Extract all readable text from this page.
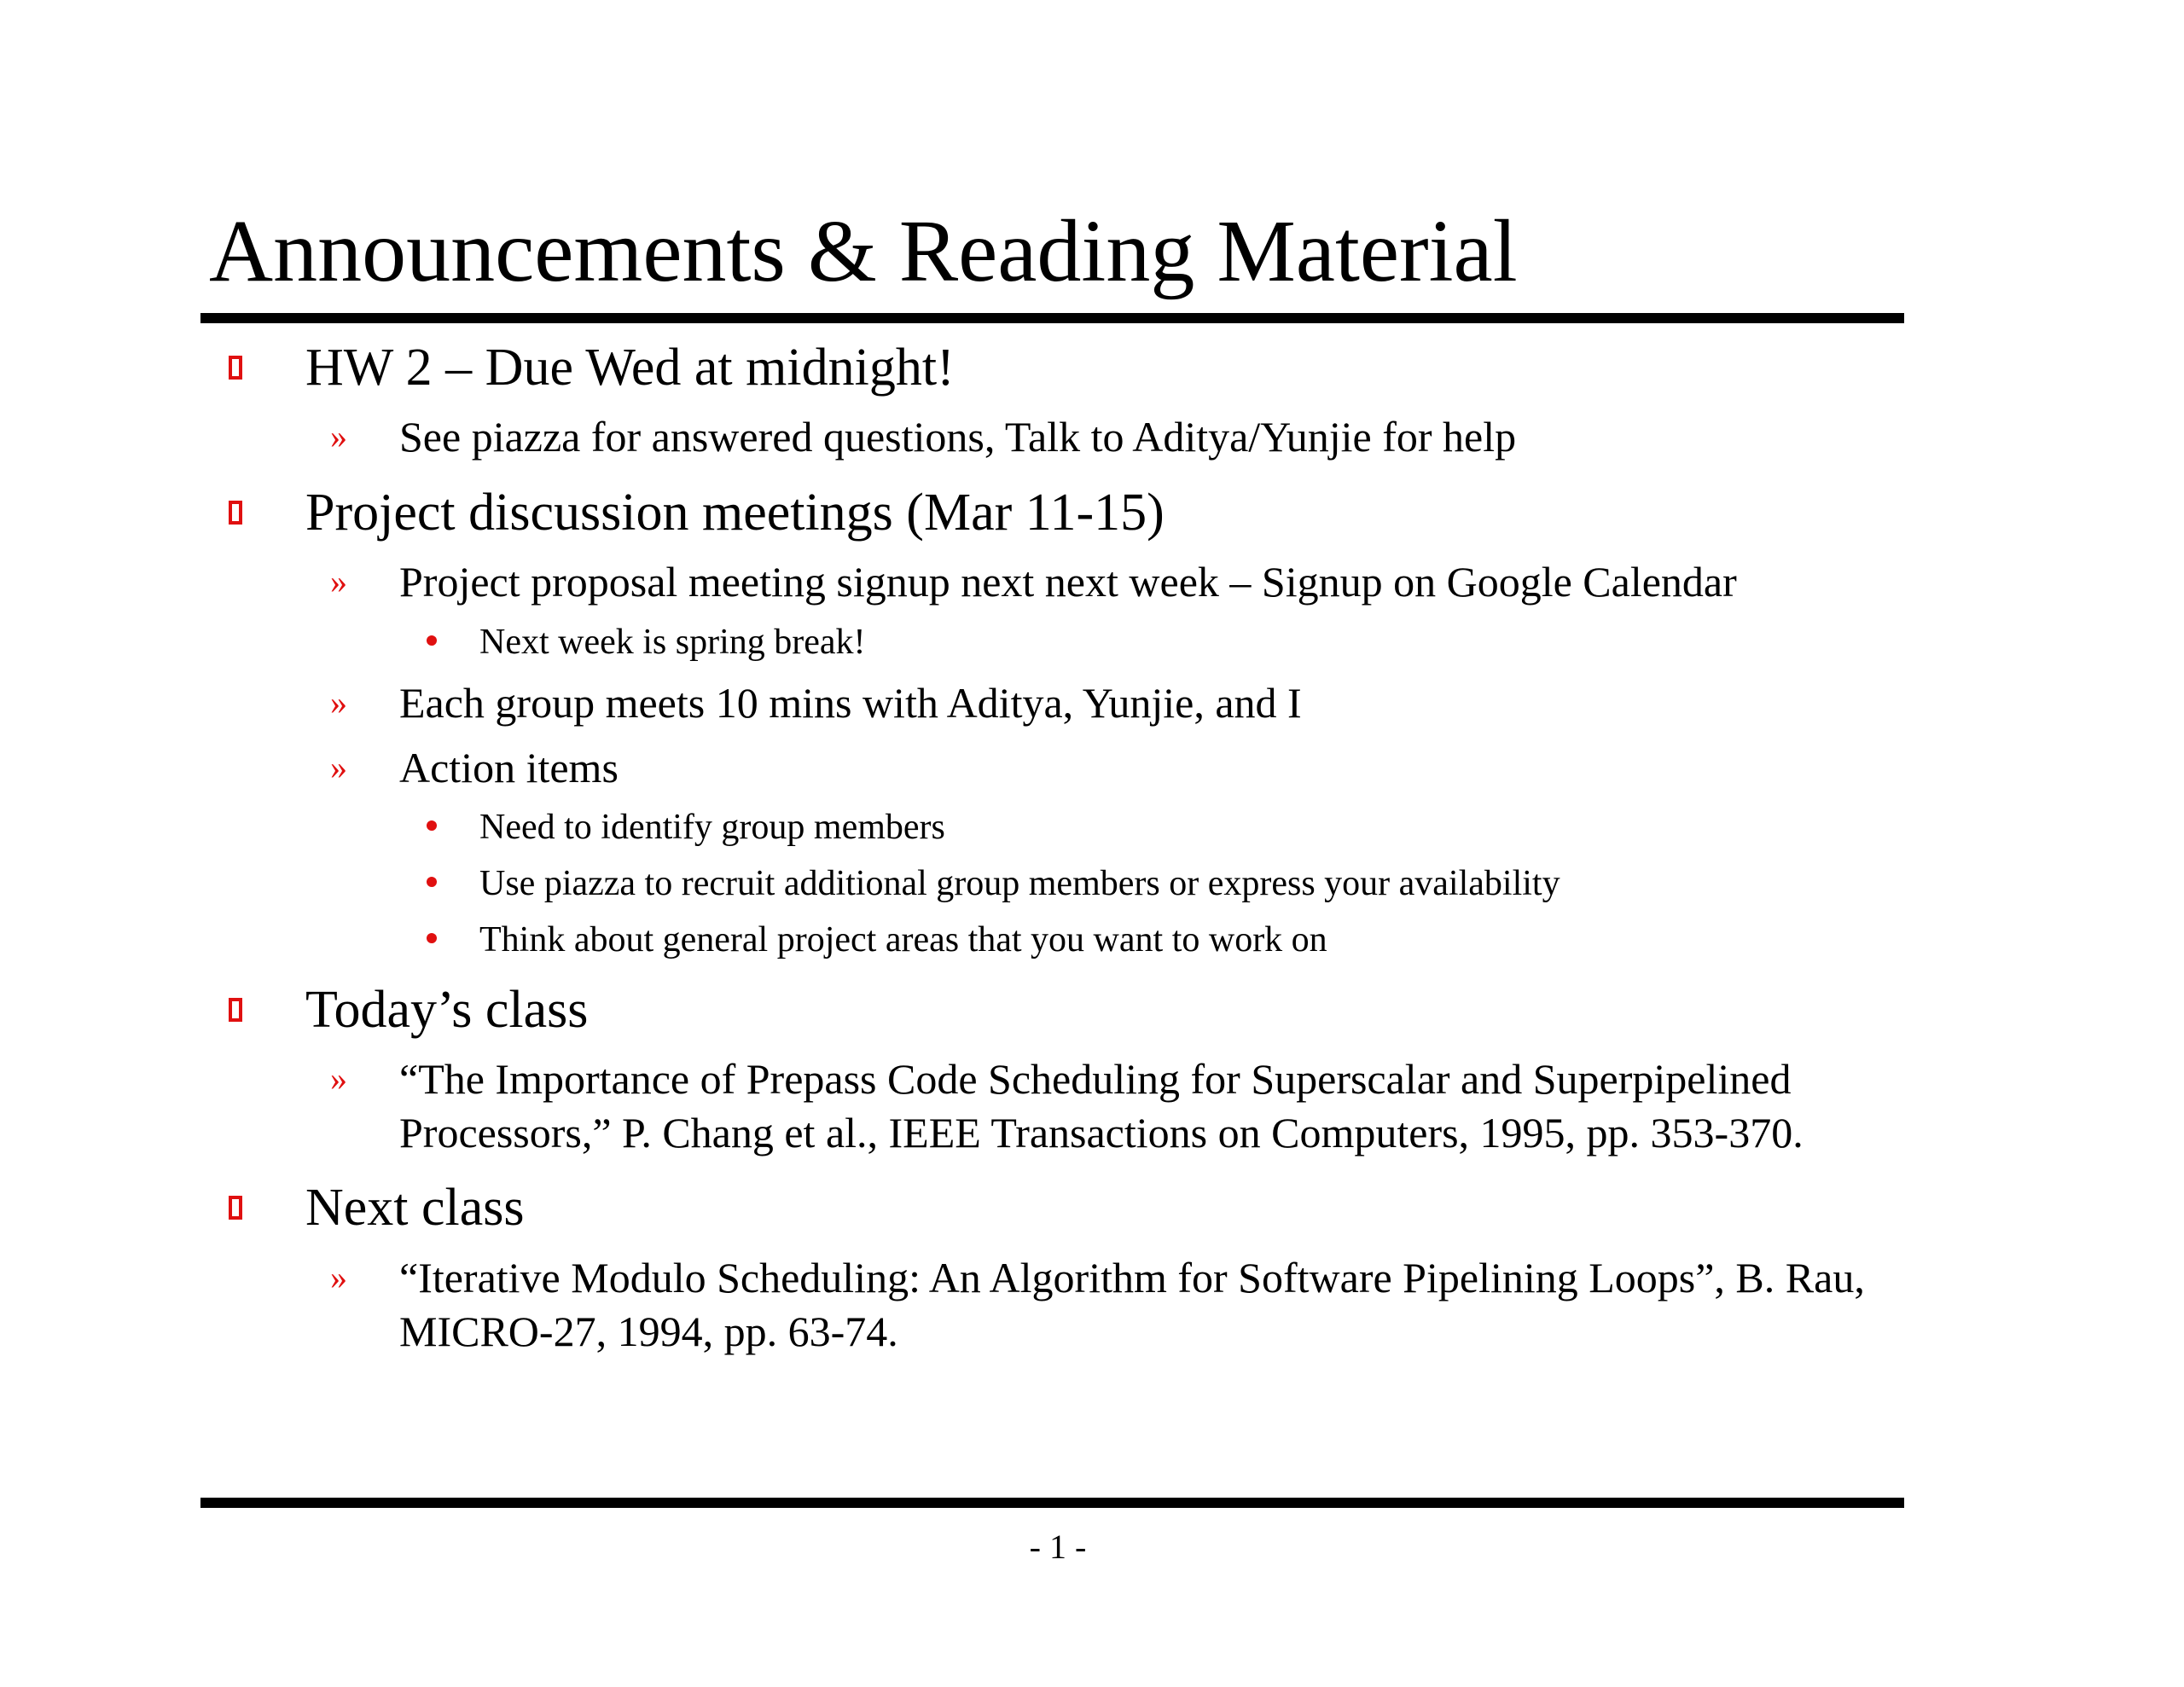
Announcements & Reading Material
HW 2 – Due Wed at midnight!
» See piazza for answered questions, Talk to Aditya/Yunjie for help
Project discussion meetings (Mar 11-15)
» Project proposal meeting signup next next week – Signup on Google Calendar
Next week is spring break!
» Each group meets 10 mins with Aditya, Yunjie, and I
» Action items
Need to identify group members
Use piazza to recruit additional group members or express your availability
Think about general project areas that you want to work on
Today’s class
» “The Importance of Prepass Code Scheduling for Superscalar and Superpipelined
Processors,” P. Chang et al., IEEE Transactions on Computers, 1995, pp. 353-370.
Next class
» “Iterative Modulo Scheduling: An Algorithm for Software Pipelining Loops”, B. Rau,
MICRO-27, 1994, pp. 63-74.
- 1 -
